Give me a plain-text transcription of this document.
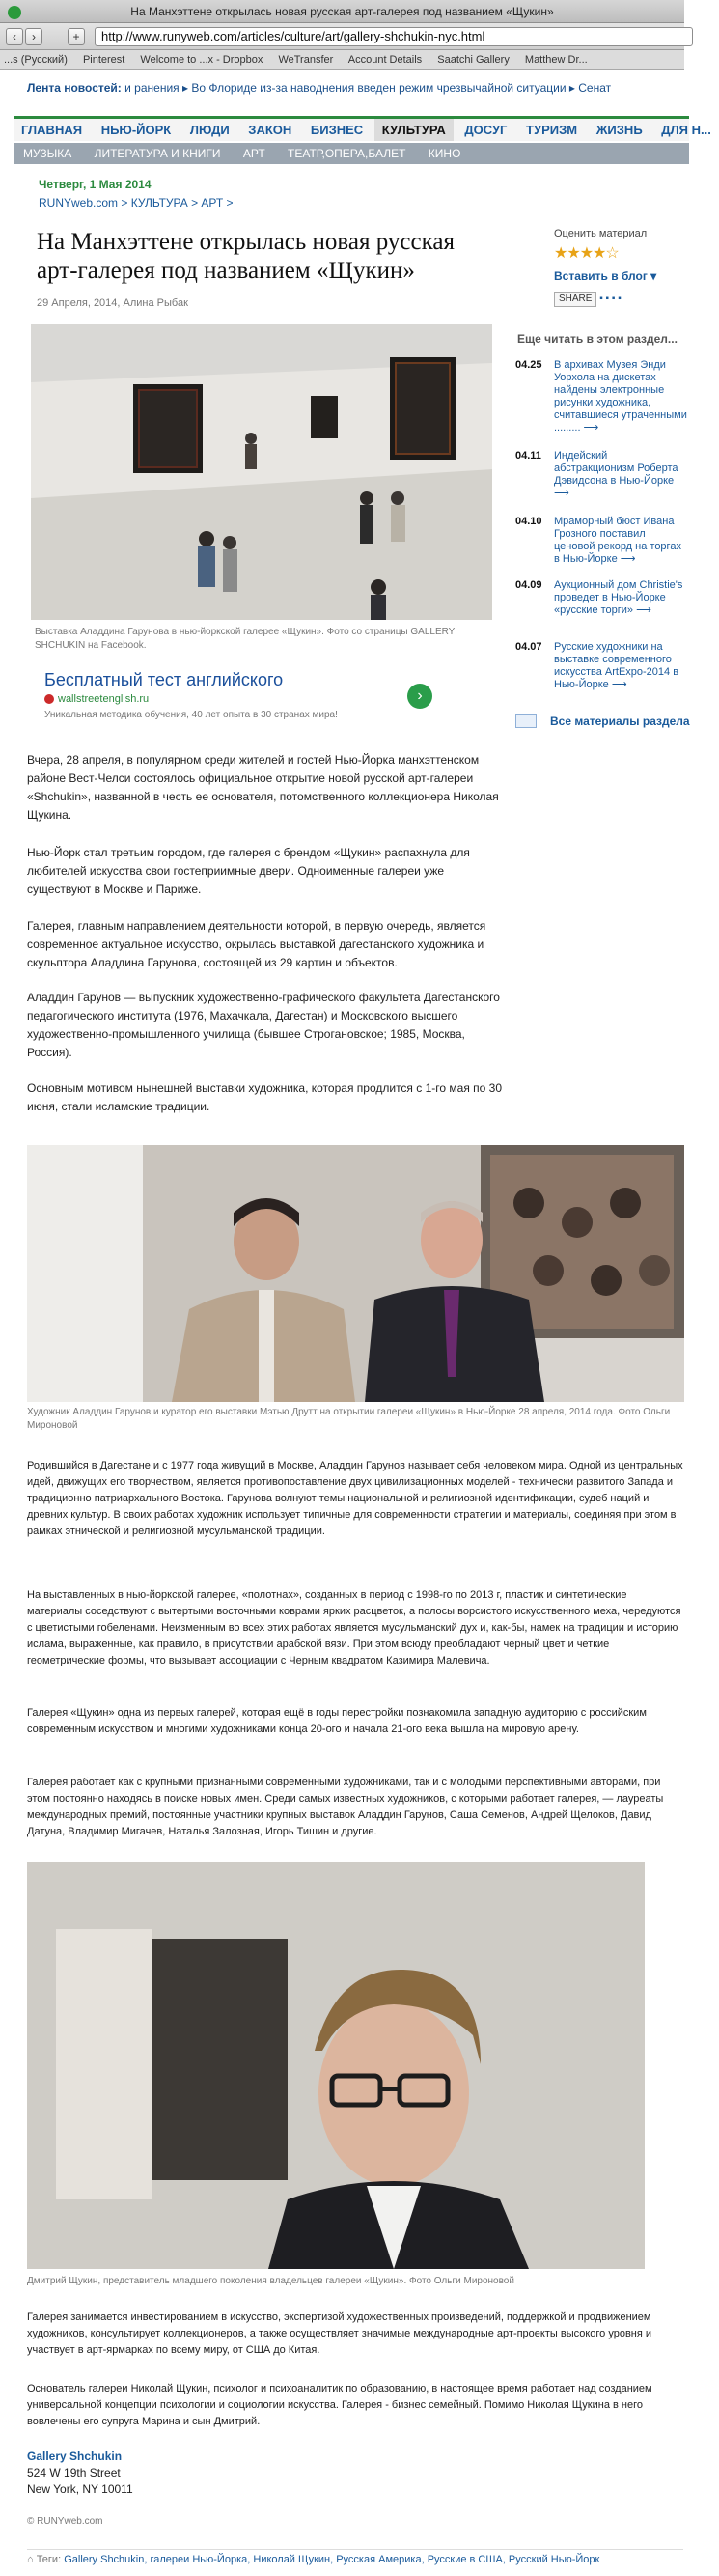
На Манхэттене открылась новая русская арт-галерея под названием «Щукин»
‹	›	+	http://www.runyweb.com/articles/culture/art/gallery-shchukin-nyc.html
...s (Русский) Pinterest Welcome to ...x - Dropbox WeTransfer Account Details Saatchi Gallery Matthew Dr...
Лента новостей: и ранения ▸ Во Флориде из-за наводнения введен режим чрезвычайной ситуации ▸ Сенат
ГЛАВНАЯ НЬЮ-ЙОРК ЛЮДИ ЗАКОН БИЗНЕС КУЛЬТУРА ДОСУГ ТУРИЗМ ЖИЗНЬ ДЛЯ Н...
МУЗЫКА ЛИТЕРАТУРА И КНИГИ АРТ ТЕАТР,ОПЕРА,БАЛЕТ КИНО
Четверг, 1 Мая 2014
RUNYweb.com > КУЛЬТУРА > АРТ >
На Манхэттене открылась новая русская арт-галерея под названием «Щукин»
29 Апреля, 2014, Алина Рыбак
Оценить материал
★★★★☆
Вставить в блог ▾
SHARE ▪ ▪ ▪ ▪
Еще читать в этом раздел...
04.25 В архивах Музея Энди Уорхола на дискетах найдены электронные рисунки художника, считавшиеся утраченными ......... ⟶
04.11 Индейский абстракционизм Роберта Дэвидсона в Нью-Йорке ⟶
04.10 Мраморный бюст Ивана Грозного поставил ценовой рекорд на торгах в Нью-Йорке ⟶
04.09 Аукционный дом Christie's проведет в Нью-Йорке «русские торги» ⟶
04.07 Русские художники на выставке современного искусства ArtExpo-2014 в Нью-Йорке ⟶
Все материалы раздела
Выставка Аладдина Гарунова в нью-йоркской галерее «Щукин». Фото со страницы GALLERY SHCHUKIN на Facebook.
Бесплатный тест английского
wallstreetenglish.ru
Уникальная методика обучения, 40 лет опыта в 30 странах мира!
›
Вчера, 28 апреля, в популярном среди жителей и гостей Нью-Йорка манхэттенском районе Вест-Челси состоялось официальное открытие новой русской арт-галереи «Shchukin», названной в честь ее основателя, потомственного коллекционера Николая Щукина.
Нью-Йорк стал третьим городом, где галерея с брендом «Щукин» распахнула для любителей искусства свои гостеприимные двери. Одноименные галереи уже существуют в Москве и Париже.
Галерея, главным направлением деятельности которой, в первую очередь, является современное актуальное искусство, окрылась выставкой дагестанского художника и скульптора Аладдина Гарунова, состоящей из 29 картин и объектов.
Аладдин Гарунов — выпускник художественно-графического факультета Дагестанского педагогического института (1976, Махачкала, Дагестан) и Московского высшего художественно-промышленного училища (бывшее Строгановское; 1985, Москва, Россия).
Основным мотивом нынешней выставки художника, которая продлится с 1-го мая по 30 июня, стали исламские традиции.
Художник Аладдин Гарунов и куратор его выставки Мэтью Друтт на открытии галереи «Щукин» в Нью-Йорке 28 апреля, 2014 года. Фото Ольги Мироновой
Родившийся в Дагестане и с 1977 года живущий в Москве, Аладдин Гарунов называет себя человеком мира. Одной из центральных идей, движущих его творчеством, является противопоставление двух цивилизационных моделей - технически развитого Запада и традиционно патриархального Востока. Гарунова волнуют темы национальной и религиозной идентификации, судеб наций и древних культур. В своих работах художник использует типичные для современности стратегии и материалы, соединяя при этом в рамках этнической и религиозной мусульманской традиции.
На выставленных в нью-йоркской галерее, «полотнах», созданных в период с 1998-го по 2013 г, пластик и синтетические материалы соседствуют с вытертыми восточными коврами ярких расцветок, а полосы ворсистого искусственного меха, чередуются с цветистыми гобеленами. Неизменным во всех этих работах является мусульманский дух и, как-бы, намек на традиции и историю ислама, выраженные, как правило, в присутствии арабской вязи. При этом всюду преобладают черный цвет и четкие геометрические формы, что вызывает ассоциации с Черным квадратом Казимира Малевича.
Галерея «Щукин» одна из первых галерей, которая ещё в годы перестройки познакомила западную аудиторию с российским современным искусством и многими художниками конца 20-ого и начала 21-ого века вышла на мировую арену.
Галерея работает как с крупными признанными современными художниками, так и с молодыми перспективными авторами, при этом постоянно находясь в поиске новых имен. Среди самых известных художников, с которыми работает галерея, — лауреаты международных премий, постоянные участники крупных выставок Аладдин Гарунов, Саша Семенов, Андрей Щелоков, Давид Датуна, Владимир Мигачев, Наталья Залозная, Игорь Тишин и другие.
Дмитрий Щукин, представитель младшего поколения владельцев галереи «Щукин». Фото Ольги Мироновой
Галерея занимается инвестированием в искусство, экспертизой художественных произведений, поддержкой и продвижением художников, консультирует коллекционеров, а также осуществляет значимые международные арт-проекты высокого уровня и участвует в арт-ярмарках по всему миру, от США до Китая.
Основатель галереи Николай Щукин, психолог и психоаналитик по образованию, в настоящее время работает над созданием универсальной концепции психологии и социологии искусства. Галерея - бизнес семейный. Помимо Николая Щукина в него вовлечены его супруга Марина и сын Дмитрий.
Gallery Shchukin
524 W 19th Street
New York, NY 10011
© RUNYweb.com
⌂ Теги: Gallery Shchukin, галереи Нью-Йорка, Николай Щукин, Русская Америка, Русские в США, Русский Нью-Йорк
